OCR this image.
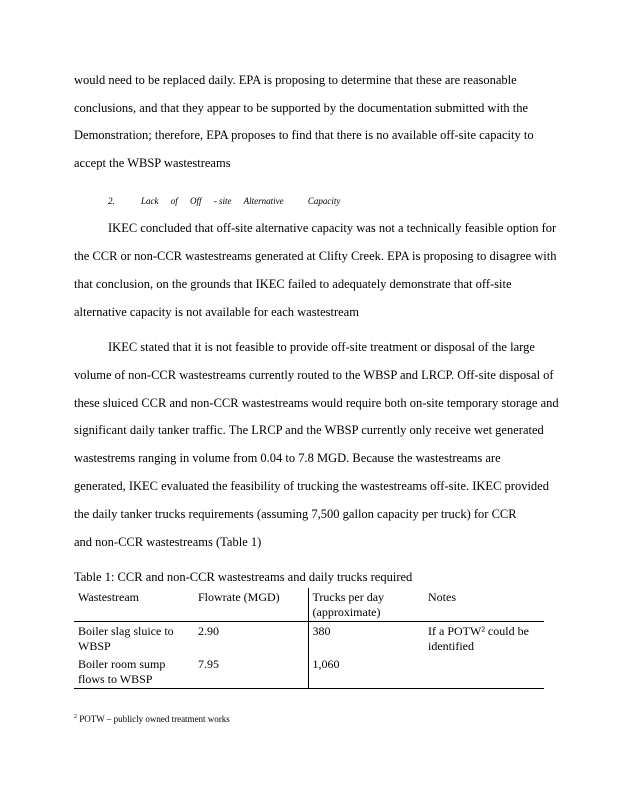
would need to be replaced daily. EPA is proposing to determine that these are reasonable
conclusions, and that they appear to be supported by the documentation submitted with the
Demonstration; therefore, EPA proposes to find that there is no available off-site capacity to
accept the WBSP wastestreams
2.	Lack of Off - site Alternative	Capacity
IKEC concluded that off-site alternative capacity was not a technically feasible option for
the CCR or non-CCR wastestreams generated at Clifty Creek. EPA is proposing to disagree with
that conclusion, on the grounds that IKEC failed to adequately demonstrate that off-site
alternative capacity is not available for each wastestream
IKEC stated that it is not feasible to provide off-site treatment or disposal of the large
volume of non-CCR wastestreams currently routed to the WBSP and LRCP. Off-site disposal of
these sluiced CCR and non-CCR wastestreams would require both on-site temporary storage and
significant daily tanker traffic. The LRCP and the WBSP currently only receive wet generated
wastestrems ranging in volume from 0.04 to 7.8 MGD. Because the wastestreams are
generated, IKEC evaluated the feasibility of trucking the wastestreams off-site. IKEC provided
the daily tanker trucks requirements (assuming 7,500 gallon capacity per truck) for CCR
and non-CCR wastestreams (Table 1)
Table 1: CCR and non-CCR wastestreams and daily trucks required
Wastestream	Flowrate (MGD)	Trucks per day (approximate)	Notes
Boiler slag sluice to WBSP	2.90	380	If a POTW² could be identified
Boiler room sump flows to WBSP	7.95	1,060	
$^2$ POTW – publicly owned treatment works
